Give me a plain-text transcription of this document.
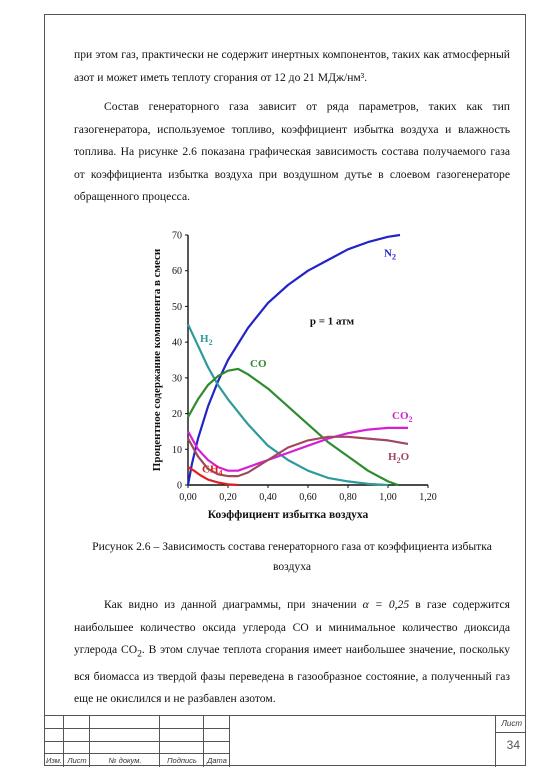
при этом газ, практически не содержит инертных компонентов, таких как атмосферный азот и может иметь теплоту сгорания от 12 до 21 МДж/нм³.

Состав генераторного газа зависит от ряда параметров, таких как тип газогенератора, используемое топливо, коэффициент избытка воздуха и влажность топлива. На рисунке 2.6 показана графическая зависимость состава получаемого газа от коэффициента избытка воздуха при воздушном дутье в слоевом газогенераторе обращенного процесса.

0
10
20
30
40
50
60
70
0,00 0,20 0,40 0,60 0,80 1,00 1,20
Коэффициент избытка воздуха
Процентное содержание компонента в смеси	$N_2$
$H_2$
CO
$CO_2$
$H_2O$
$CH_4$
p = 1 атм

Рисунок 2.6 – Зависимость состава генераторного газа от коэффициента избытка воздуха

Как видно из данной диаграммы, при значении α = 0,25 в газе содержится наибольшее количество оксида углерода CO и минимальное количество диоксида углерода $CO_2$. В этом случае теплота сгорания имеет наибольшее значение, поскольку вся биомасса из твердой фазы переведена в газообразное состояние, а полученный газ еще не окислился и не разбавлен азотом.

Изм. Лист	№ докум.	Подпись	Дата
Лист
34
